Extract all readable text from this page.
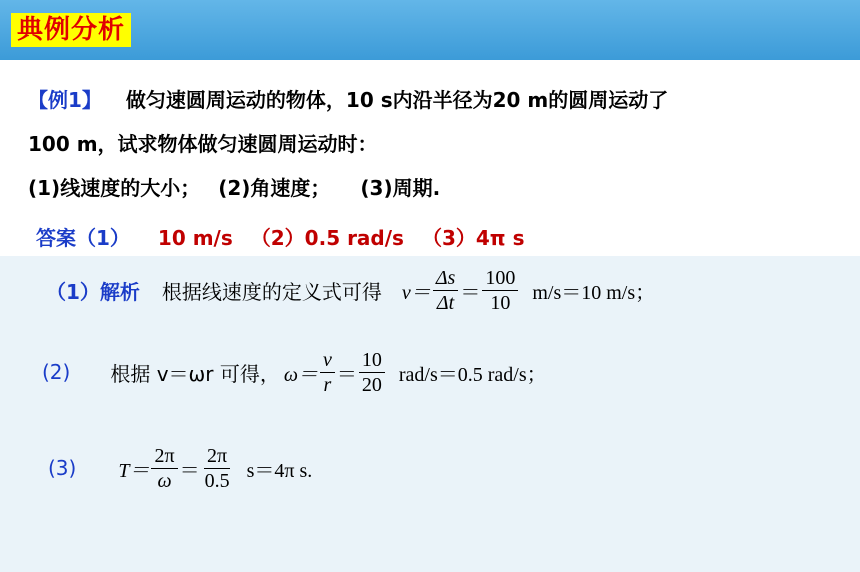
典例分析
【例1】 做匀速圆周运动的物体，10 s内沿半径为20 m的圆周运动了
100 m，试求物体做匀速圆周运动时：
(1)线速度的大小； (2)角速度； (3)周期.
答案（1） 10 m/s （2）0.5 rad/s （3）4π s
（1）解析 根据线速度的定义式可得 $v= \frac{\Delta s}{\Delta t} = \frac{100}{10} m/s=10$ m/s；
(2) 根据 v＝ωr 可得， $\omega= \frac{v}{r} = \frac{10}{20} rad/s=0.5$ rad/s；
(3) $T= \frac{2\pi}{\omega} = \frac{2\pi}{0.5} s=4\pi$ s.
